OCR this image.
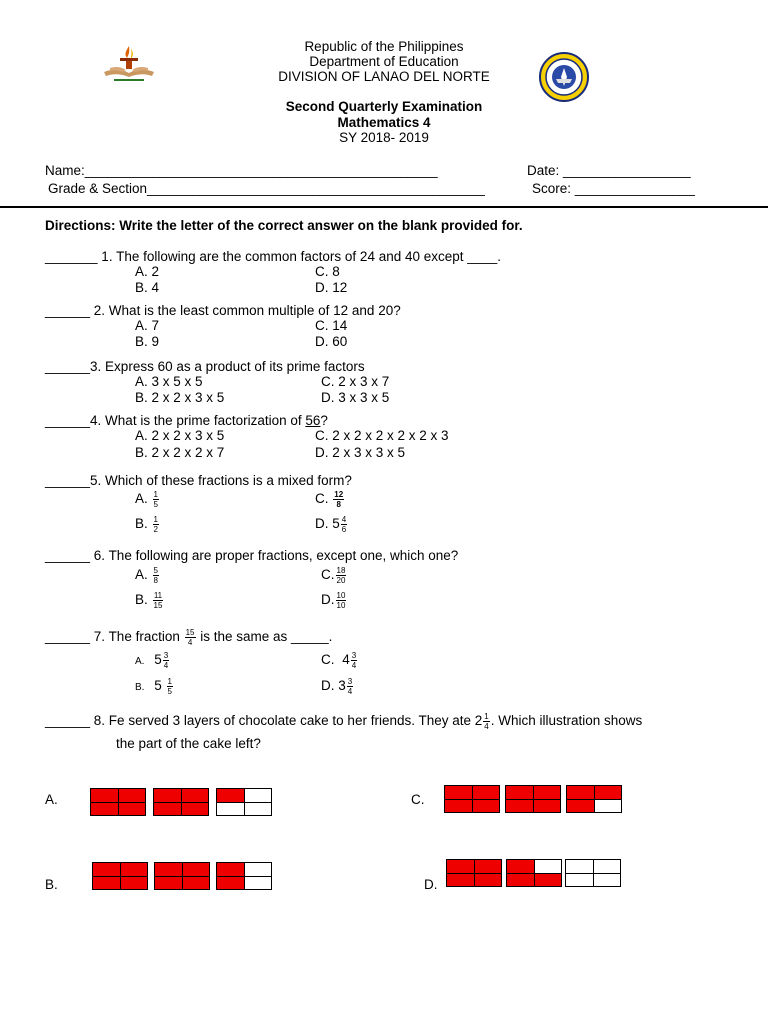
Republic of the Philippines
Department of Education
DIVISION OF LANAO DEL NORTE
Second Quarterly Examination
Mathematics 4
SY 2018- 2019
Name:_______________________________________________	Date: _________________
Grade & Section_____________________________________________	Score: ________________
Directions: Write the letter of the correct answer on the blank provided for.
_______ 1. The following are the common factors of 24 and 40 except ____.
A. 2	C. 8
B. 4	D. 12
______ 2. What is the least common multiple of 12 and 20?
A. 7	C. 14
B. 9	D. 60
______3. Express 60 as a product of its prime factors
A. 3 x 5 x 5	C. 2 x 3 x 7
B. 2 x 2 x 3 x 5	D. 3 x 3 x 5
______4. What is the prime factorization of 56?
A. 2 x 2 x 3 x 5	C. 2 x 2 x 2 x 2 x 2 x 3
B. 2 x 2 x 2 x 7	D. 2 x 3 x 3 x 5
______5. Which of these fractions is a mixed form?
A. $\frac{1}{5}$	C. $\frac{12}{8}$
B. $\frac{1}{2}$	D. $5 \frac{4}{6}$
______ 6. The following are proper fractions, except one, which one?
A. $\frac{5}{8}$	C. $\frac{18}{20}$
B. $\frac{11}{15}$	D. $\frac{10}{10}$
______ 7. The fraction $\frac{15}{4}$ is the same as _____.
A. $5 \frac{3}{4}$	C. $4 \frac{3}{4}$
B. $5 \frac{1}{5}$	D. $3 \frac{3}{4}$
______ 8. Fe served 3 layers of chocolate cake to her friends. They ate $2 \frac{1}{4}$ . Which illustration shows
the part of the cake left?
A.	C.
B.	D.
